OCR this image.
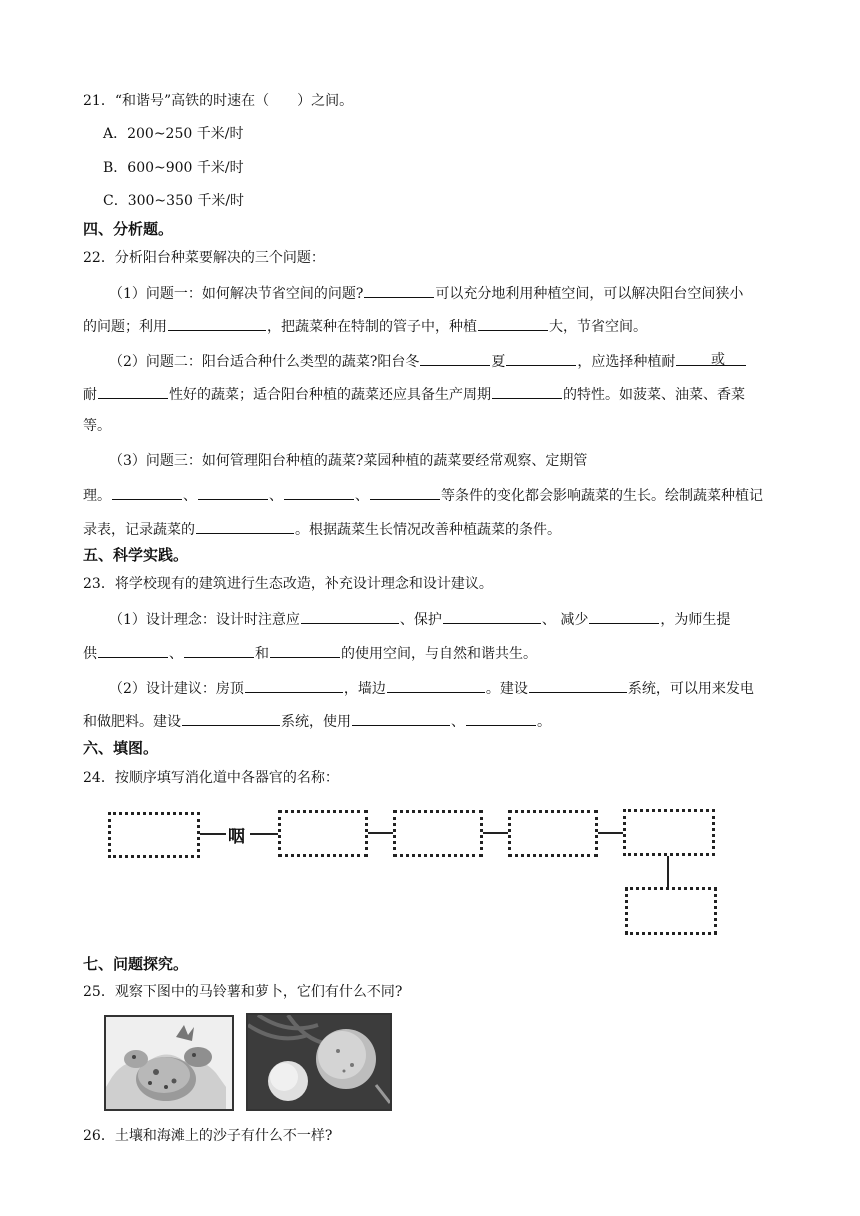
21．“和谐号”高铁的时速在（　　）之间。
A．200~250 千米/时
B．600~900 千米/时
C．300~350 千米/时
四、分析题。
22．分析阳台种菜要解决的三个问题：
（1）问题一：如何解决节省空间的问题?	可以充分地利用种植空间，可以解决阳台空间狭小
的问题；利用	，把蔬菜种在特制的管子中，种植	大，节省空间。
（2）问题二：阳台适合种什么类型的蔬菜?阳台冬	夏	，应选择种植耐	或
耐	性好的蔬菜；适合阳台种植的蔬菜还应具备生产周期	的特性。如菠菜、油菜、香菜
等。
（3）问题三：如何管理阳台种植的蔬菜?菜园种植的蔬菜要经常观察、定期管
理。	、	、	、	等条件的变化都会影响蔬菜的生长。绘制蔬菜种植记
录表，记录蔬菜的	。根据蔬菜生长情况改善种植蔬菜的条件。
五、科学实践。
23．将学校现有的建筑进行生态改造，补充设计理念和设计建议。
（1）设计理念：设计时注意应	、保护	、 减少	，为师生提
供	、	和	的使用空间，与自然和谐共生。
（2）设计建议：房顶	，墙边	。建设	系统，可以用来发电
和做肥料。建设	系统，使用	、	。
六、填图。
24．按顺序填写消化道中各器官的名称：
咽
七、问题探究。
25．观察下图中的马铃薯和萝卜，它们有什么不同?
26．土壤和海滩上的沙子有什么不一样?
